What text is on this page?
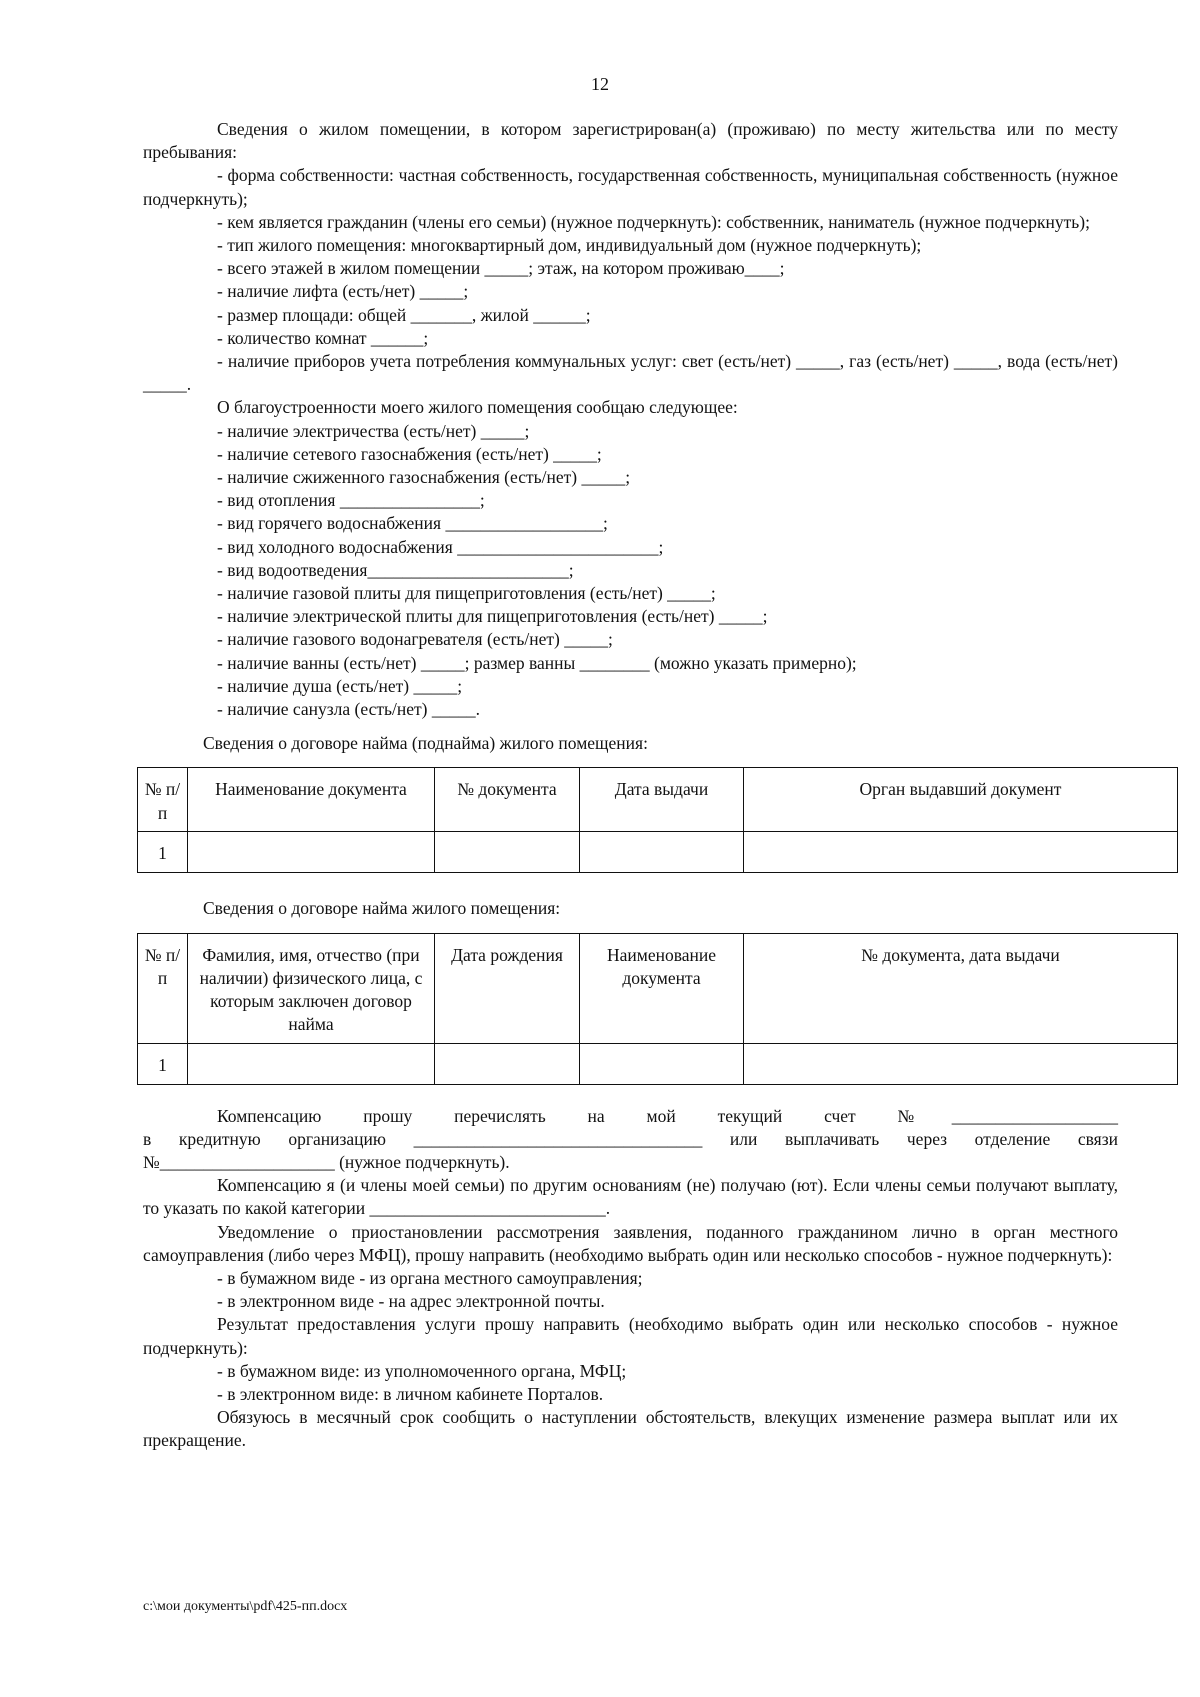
12

Сведения о жилом помещении, в котором зарегистрирован(а) (проживаю) по месту жительства или по месту пребывания:

- форма собственности: частная собственность, государственная собственность, муниципальная собственность (нужное подчеркнуть);

- кем является гражданин (члены его семьи) (нужное подчеркнуть): собственник, наниматель (нужное подчеркнуть);

- тип жилого помещения: многоквартирный дом, индивидуальный дом (нужное подчеркнуть);

- всего этажей в жилом помещении _____; этаж, на котором проживаю____;

- наличие лифта (есть/нет) _____;

- размер площади: общей _______, жилой ______;

- количество комнат ______;

- наличие приборов учета потребления коммунальных услуг: свет (есть/нет) _____, газ (есть/нет) _____, вода (есть/нет) _____.

О благоустроенности моего жилого помещения сообщаю следующее:

- наличие электричества (есть/нет) _____;

- наличие сетевого газоснабжения (есть/нет) _____;

- наличие сжиженного газоснабжения (есть/нет) _____;

- вид отопления ________________;

- вид горячего водоснабжения __________________;

- вид холодного водоснабжения _______________________;

- вид водоотведения_______________________;

- наличие газовой плиты для пищеприготовления (есть/нет) _____;

- наличие электрической плиты для пищеприготовления (есть/нет) _____;

- наличие газового водонагревателя (есть/нет) _____;

- наличие ванны (есть/нет) _____; размер ванны ________ (можно указать примерно);

- наличие душа (есть/нет) _____;

- наличие санузла (есть/нет) _____.

Сведения о договоре найма (поднайма) жилого помещения:

№ п/п	Наименование документа	№ документа	Дата выдачи	Орган выдавший документ
1				

Сведения о договоре найма жилого помещения:

№ п/п	Фамилия, имя, отчество (при наличии) физического лица, с которым заключен договор найма	Дата рождения	Наименование документа	№ документа, дата выдачи
1				

Компенсацию прошу перечислять на мой текущий счет №___________________

в кредитную организацию _________________________________ или выплачивать через отделение связи

№____________________ (нужное подчеркнуть).

Компенсацию я (и члены моей семьи) по другим основаниям (не) получаю (ют). Если члены семьи получают выплату, то указать по какой категории ___________________________.

Уведомление о приостановлении рассмотрения заявления, поданного гражданином лично в орган местного самоуправления (либо через МФЦ), прошу направить (необходимо выбрать один или несколько способов - нужное подчеркнуть):

- в бумажном виде - из органа местного самоуправления;

- в электронном виде - на адрес электронной почты.

Результат предоставления услуги прошу направить (необходимо выбрать один или несколько способов - нужное подчеркнуть):

- в бумажном виде: из уполномоченного органа, МФЦ;

- в электронном виде: в личном кабинете Порталов.

Обязуюсь в месячный срок сообщить о наступлении обстоятельств, влекущих изменение размера выплат или их прекращение.

c:\мои документы\pdf\425-пп.docx
